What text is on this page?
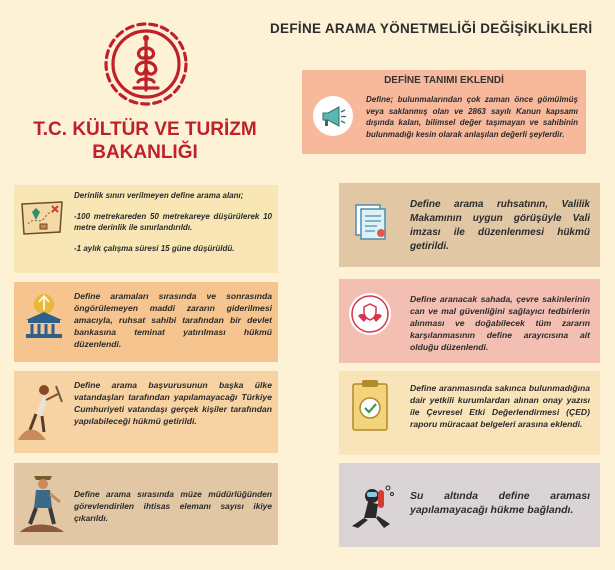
DEFİNE ARAMA YÖNETMELİĞİ DEĞİŞİKLİKLERİ
T.C. KÜLTÜR VE TURİZM
BAKANLIĞI
DEFİNE TANIMI EKLENDİ
Define; bulunmalarından çok zaman önce gömülmüş veya saklanmış olan ve 2863 sayılı Kanun kapsamı dışında kalan, bilimsel değer taşımayan ve sahibinin bulunmadığı kesin olarak anlaşılan değerli şeylerdir.

Derinlik sınırı verilmeyen define arama alanı;

-100 metrekareden 50 metrekareye düşürülerek 10 metre derinlik ile sınırlandırıldı.

-1 aylık çalışma süresi 15 güne düşürüldü.

Define arama ruhsatının, Valilik Makamının uygun görüşüyle Vali imzası ile düzenlenmesi hükmü getirildi.
Define aramaları sırasında ve sonrasında öngörülemeyen maddi zararın giderilmesi amacıyla, ruhsat sahibi tarafından bir devlet bankasına teminat yatırılması hükmü düzenlendi.
Define aranacak sahada, çevre sakinlerinin can ve mal güvenliğini sağlayıcı tedbirlerin alınması ve doğabilecek tüm zararın karşılanmasının define arayıcısına ait olduğu düzenlendi.
Define arama başvurusunun başka ülke vatandaşları tarafından yapılamayacağı Türkiye Cumhuriyeti vatandaşı gerçek kişiler tarafından yapılabileceği hükmü getirildi.
Define aranmasında sakınca bulunmadığına dair yetkili kurumlardan alınan onay yazısı ile Çevresel Etki Değerlendirmesi (ÇED) raporu müracaat belgeleri arasına eklendi.
Define arama sırasında müze müdürlüğünden görevlendirilen ihtisas elemanı sayısı ikiye çıkarıldı.
Su altında define araması yapılamayacağı hükme bağlandı.
